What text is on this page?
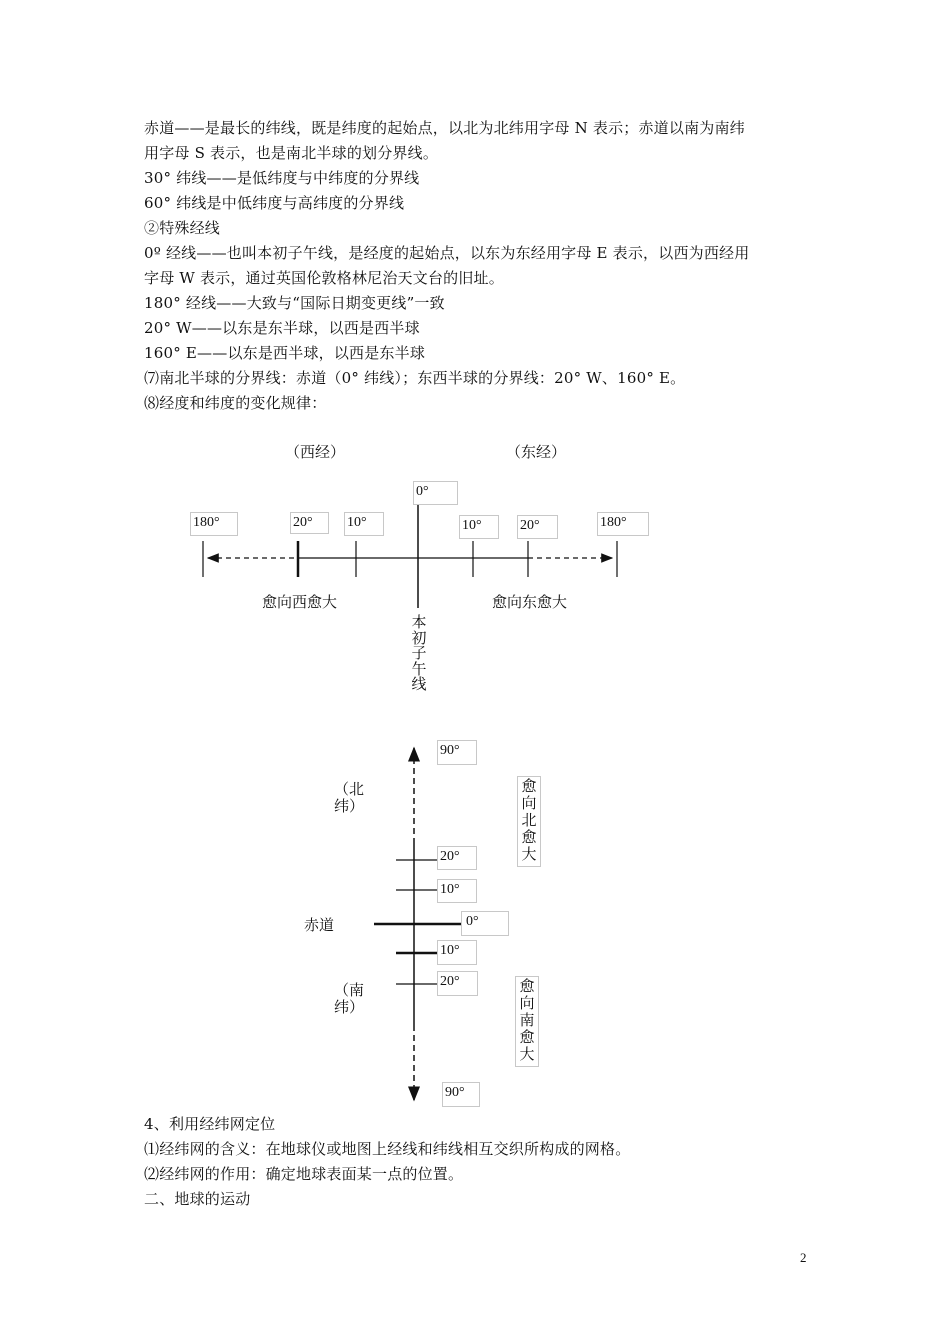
赤道——是最长的纬线，既是纬度的起始点，以北为北纬用字母 N 表示；赤道以南为南纬
用字母 S 表示，也是南北半球的划分界线。
30° 纬线——是低纬度与中纬度的分界线
60° 纬线是中低纬度与高纬度的分界线
②特殊经线
0º 经线——也叫本初子午线，是经度的起始点，以东为东经用字母 E 表示，以西为西经用
字母 W 表示，通过英国伦敦格林尼治天文台的旧址。
180° 经线——大致与“国际日期变更线”一致
20° W——以东是东半球，以西是西半球
160° E——以东是西半球，以西是东半球
⑺南北半球的分界线：赤道（0° 纬线）；东西半球的分界线：20° W、160° E。
⑻经度和纬度的变化规律：
（西经）	（东经）
0°
180°	20°	10°	10°	20°	180°
愈向西愈大	愈向东愈大
本初子午线
90°
20°
10°
0°
10°
20°
90°
（北纬）
（南纬）
赤道
愈向北愈大
愈向南愈大
4、利用经纬网定位
⑴经纬网的含义：在地球仪或地图上经线和纬线相互交织所构成的网格。
⑵经纬网的作用：确定地球表面某一点的位置。
二、地球的运动
2
